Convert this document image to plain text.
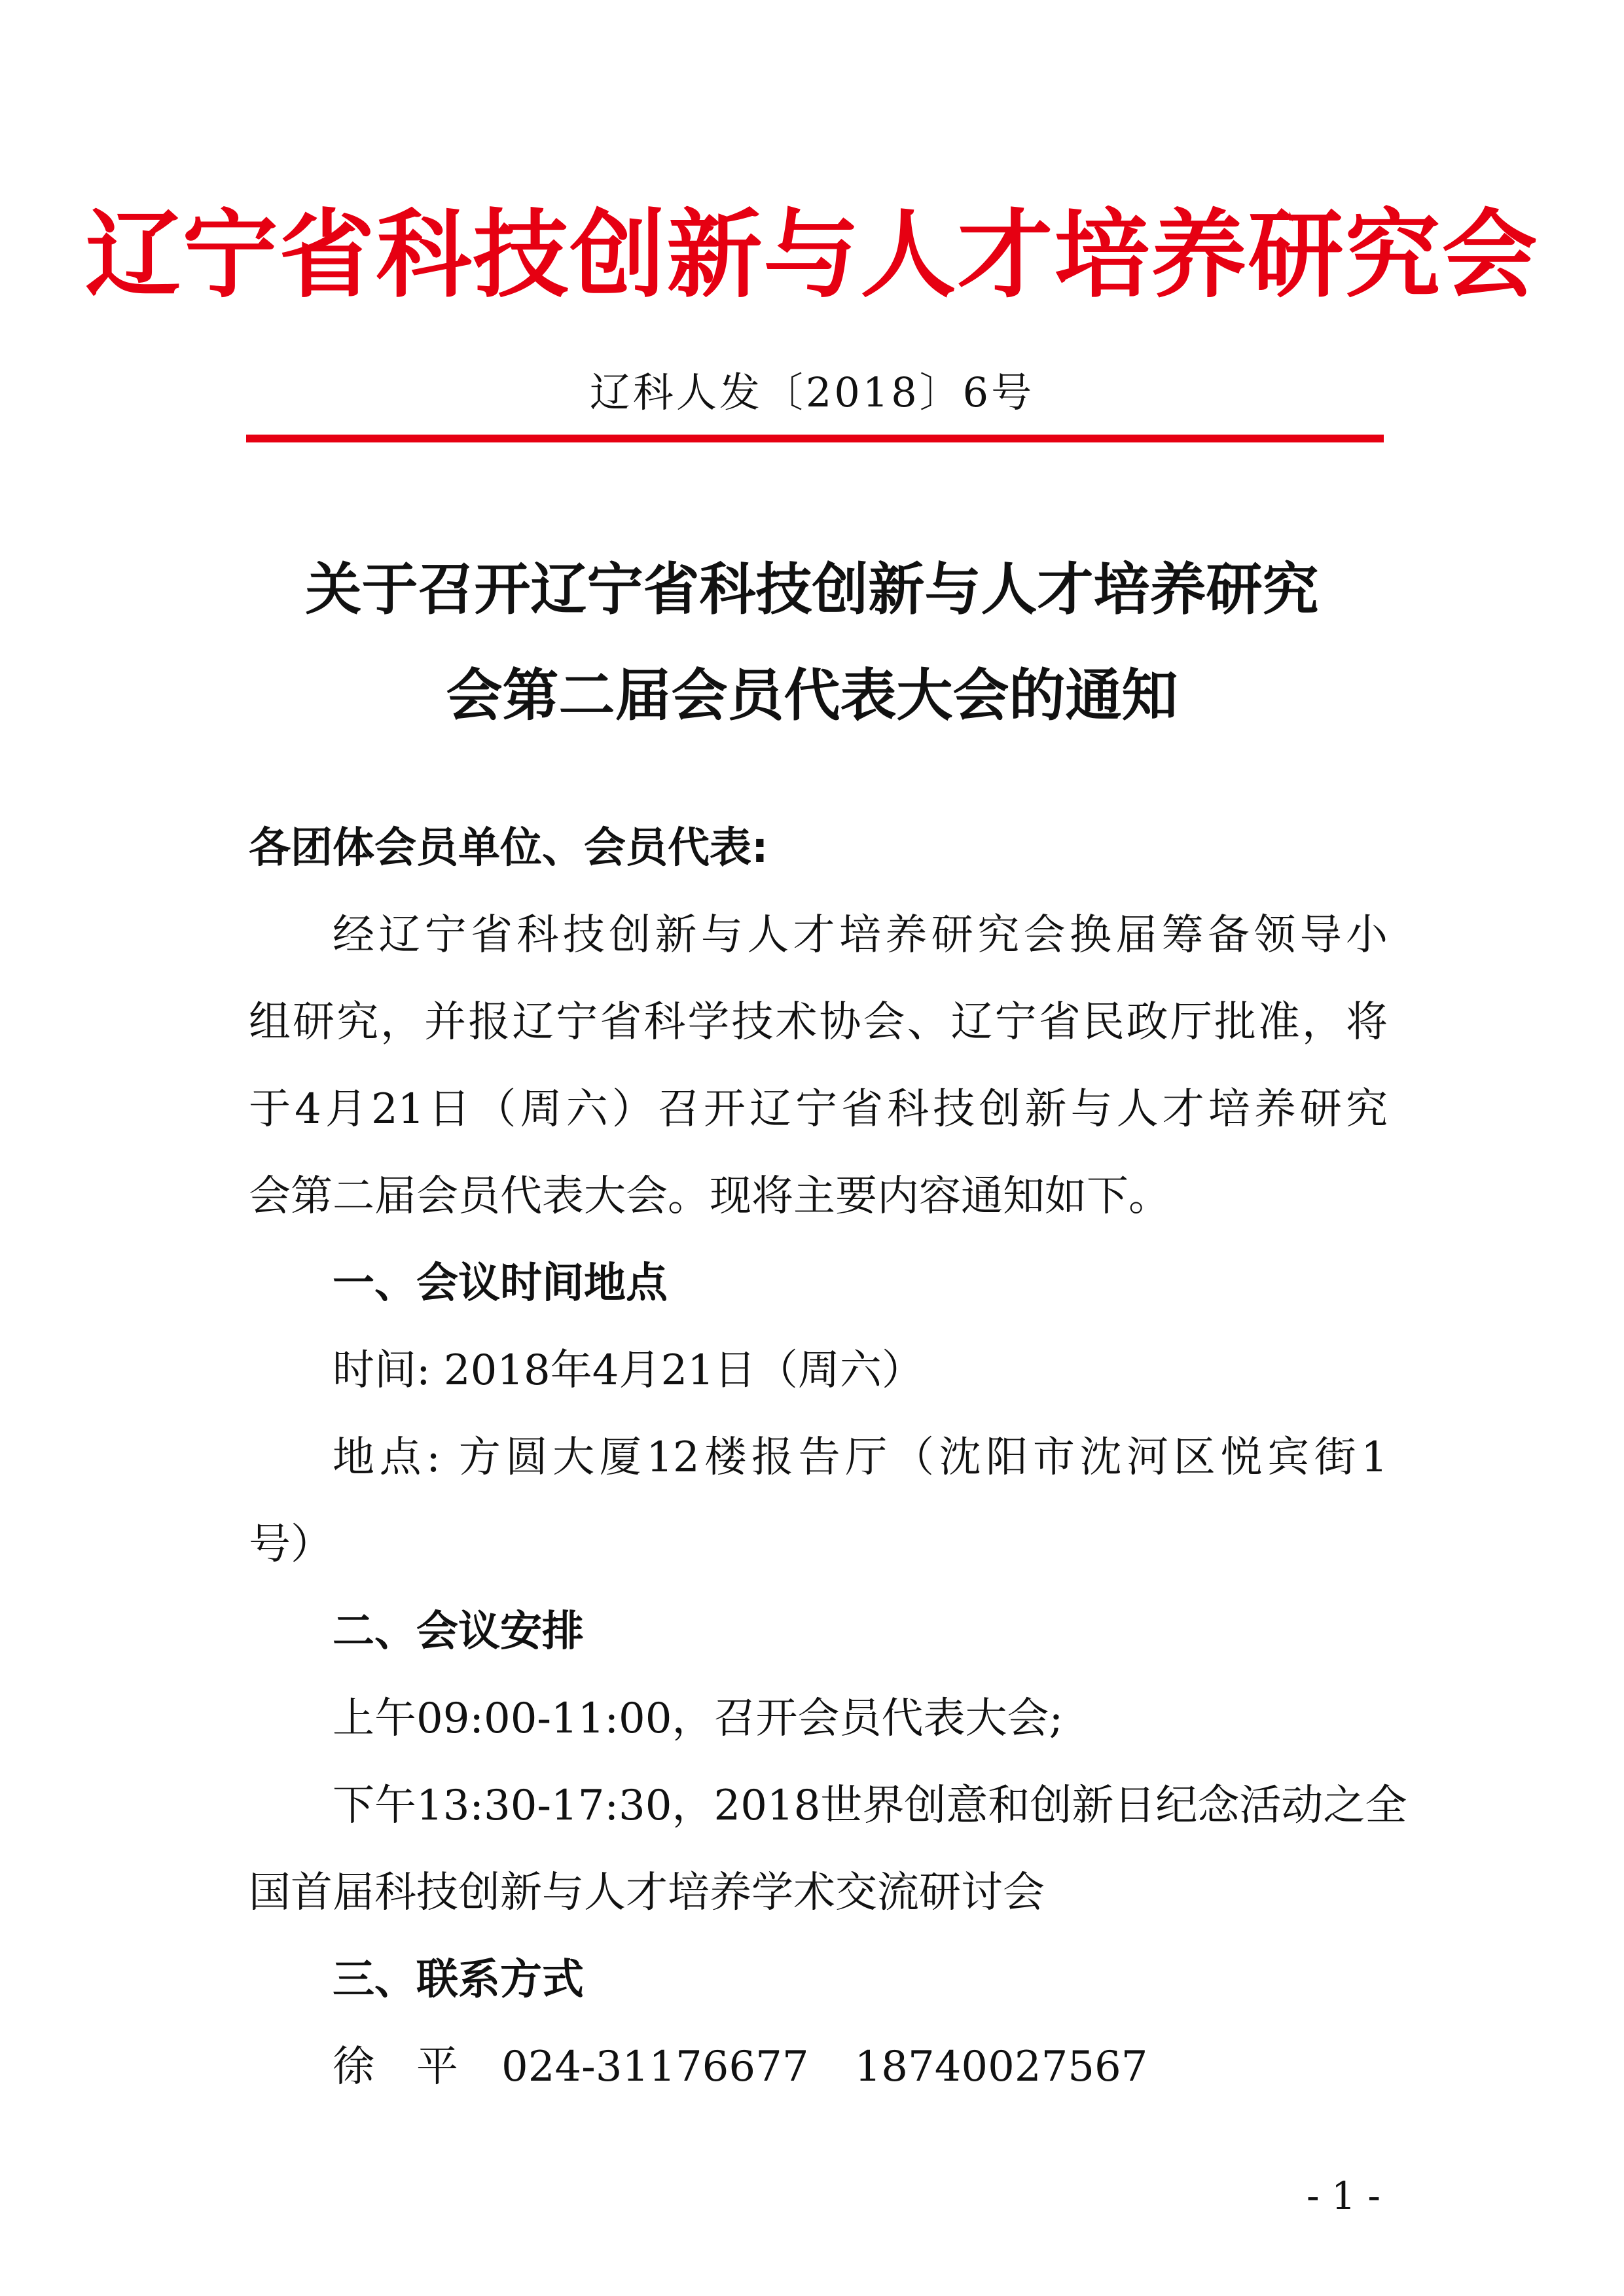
辽宁省科技创新与人才培养研究会
辽科人发〔2018〕6号
关于召开辽宁省科技创新与人才培养研究
会第二届会员代表大会的通知
各团体会员单位、会员代表:
经辽宁省科技创新与人才培养研究会换届筹备领导小
组研究，并报辽宁省科学技术协会、辽宁省民政厅批准，将
于4月21日（周六）召开辽宁省科技创新与人才培养研究
会第二届会员代表大会。现将主要内容通知如下。
一、会议时间地点
时间: 2018年4月21日（周六）
地点: 方圆大厦12楼报告厅（沈阳市沈河区悦宾街1
号）
二、会议安排
上午09:00-11:00，召开会员代表大会;
下午13:30-17:30，2018世界创意和创新日纪念活动之全
国首届科技创新与人才培养学术交流研讨会
三、联系方式
徐　平 024-31176677 18740027567
- 1 -
